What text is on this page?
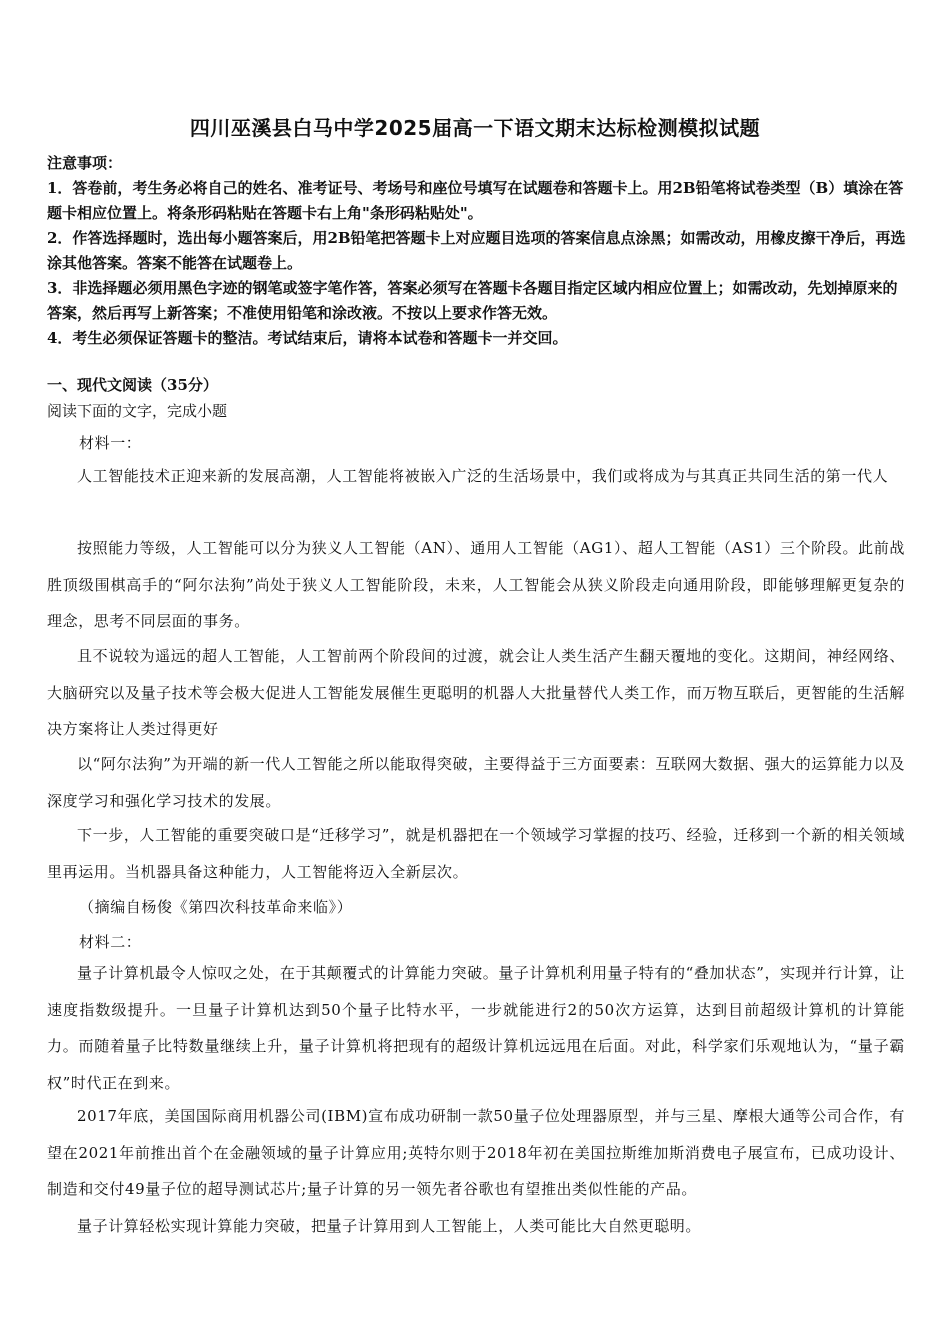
四川巫溪县白马中学2025届高一下语文期末达标检测模拟试题
注意事项：
1．答卷前，考生务必将自己的姓名、准考证号、考场号和座位号填写在试题卷和答题卡上。用2B铅笔将试卷类型（B）填涂在答题卡相应位置上。将条形码粘贴在答题卡右上角"条形码粘贴处"。
2．作答选择题时，选出每小题答案后，用2B铅笔把答题卡上对应题目选项的答案信息点涂黑；如需改动，用橡皮擦干净后，再选涂其他答案。答案不能答在试题卷上。
3．非选择题必须用黑色字迹的钢笔或签字笔作答，答案必须写在答题卡各题目指定区域内相应位置上；如需改动，先划掉原来的答案，然后再写上新答案；不准使用铅笔和涂改液。不按以上要求作答无效。
4．考生必须保证答题卡的整洁。考试结束后，请将本试卷和答题卡一并交回。
一、现代文阅读（35分）
阅读下面的文字，完成小题
材料一：
人工智能技术正迎来新的发展高潮，人工智能将被嵌入广泛的生活场景中，我们或将成为与其真正共同生活的第一代人
按照能力等级，人工智能可以分为狭义人工智能（AN）、通用人工智能（AG1）、超人工智能（AS1）三个阶段。此前战胜顶级围棋高手的“阿尔法狗”尚处于狭义人工智能阶段，未来，人工智能会从狭义阶段走向通用阶段，即能够理解更复杂的理念，思考不同层面的事务。
且不说较为遥远的超人工智能，人工智前两个阶段间的过渡，就会让人类生活产生翻天覆地的变化。这期间，神经网络、大脑研究以及量子技术等会极大促进人工智能发展催生更聪明的机器人大批量替代人类工作，而万物互联后，更智能的生活解决方案将让人类过得更好
以“阿尔法狗”为开端的新一代人工智能之所以能取得突破，主要得益于三方面要素：互联网大数据、强大的运算能力以及深度学习和强化学习技术的发展。
下一步，人工智能的重要突破口是“迁移学习”，就是机器把在一个领域学习掌握的技巧、经验，迁移到一个新的相关领域里再运用。当机器具备这种能力，人工智能将迈入全新层次。
（摘编自杨俊《第四次科技革命来临》）
材料二：
量子计算机最令人惊叹之处，在于其颠覆式的计算能力突破。量子计算机利用量子特有的“叠加状态”，实现并行计算，让速度指数级提升。一旦量子计算机达到50个量子比特水平，一步就能进行2的50次方运算，达到目前超级计算机的计算能力。而随着量子比特数量继续上升，量子计算机将把现有的超级计算机远远甩在后面。对此，科学家们乐观地认为，“量子霸权”时代正在到来。
2017年底，美国国际商用机器公司(IBM)宣布成功研制一款50量子位处理器原型，并与三星、摩根大通等公司合作，有望在2021年前推出首个在金融领域的量子计算应用;英特尔则于2018年初在美国拉斯维加斯消费电子展宣布，已成功设计、制造和交付49量子位的超导测试芯片;量子计算的另一领先者谷歌也有望推出类似性能的产品。
量子计算轻松实现计算能力突破，把量子计算用到人工智能上，人类可能比大自然更聪明。
